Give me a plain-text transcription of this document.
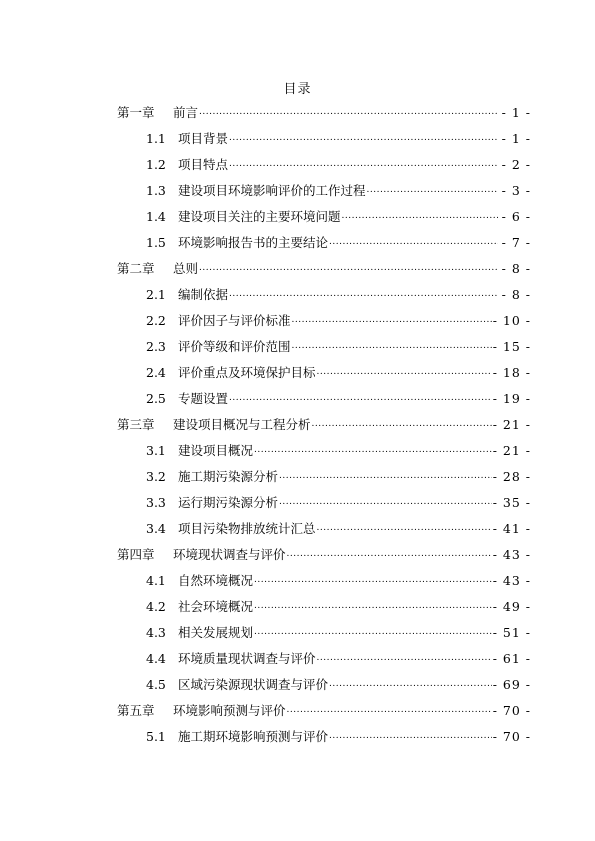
目录
第一章	前言 .....	- 1 -
1.1 项目背景 .....	- 1 -
1.2 项目特点 .....	- 2 -
1.3 建设项目环境影响评价的工作过程 .....	- 3 -
1.4 建设项目关注的主要环境问题 .....	- 6 -
1.5 环境影响报告书的主要结论 .....	- 7 -
第二章	总则 .....	- 8 -
2.1 编制依据 .....	- 8 -
2.2 评价因子与评价标准 .....	- 10 -
2.3 评价等级和评价范围 .....	- 15 -
2.4 评价重点及环境保护目标 .....	- 18 -
2.5 专题设置 .....	- 19 -
第三章	建设项目概况与工程分析 .....	- 21 -
3.1 建设项目概况 .....	- 21 -
3.2 施工期污染源分析 .....	- 28 -
3.3 运行期污染源分析 .....	- 35 -
3.4 项目污染物排放统计汇总 .....	- 41 -
第四章	环境现状调查与评价 .....	- 43 -
4.1 自然环境概况 .....	- 43 -
4.2 社会环境概况 .....	- 49 -
4.3 相关发展规划 .....	- 51 -
4.4 环境质量现状调查与评价 .....	- 61 -
4.5 区域污染源现状调查与评价 .....	- 69 -
第五章	环境影响预测与评价 .....	- 70 -
5.1 施工期环境影响预测与评价 .....	- 70 -
